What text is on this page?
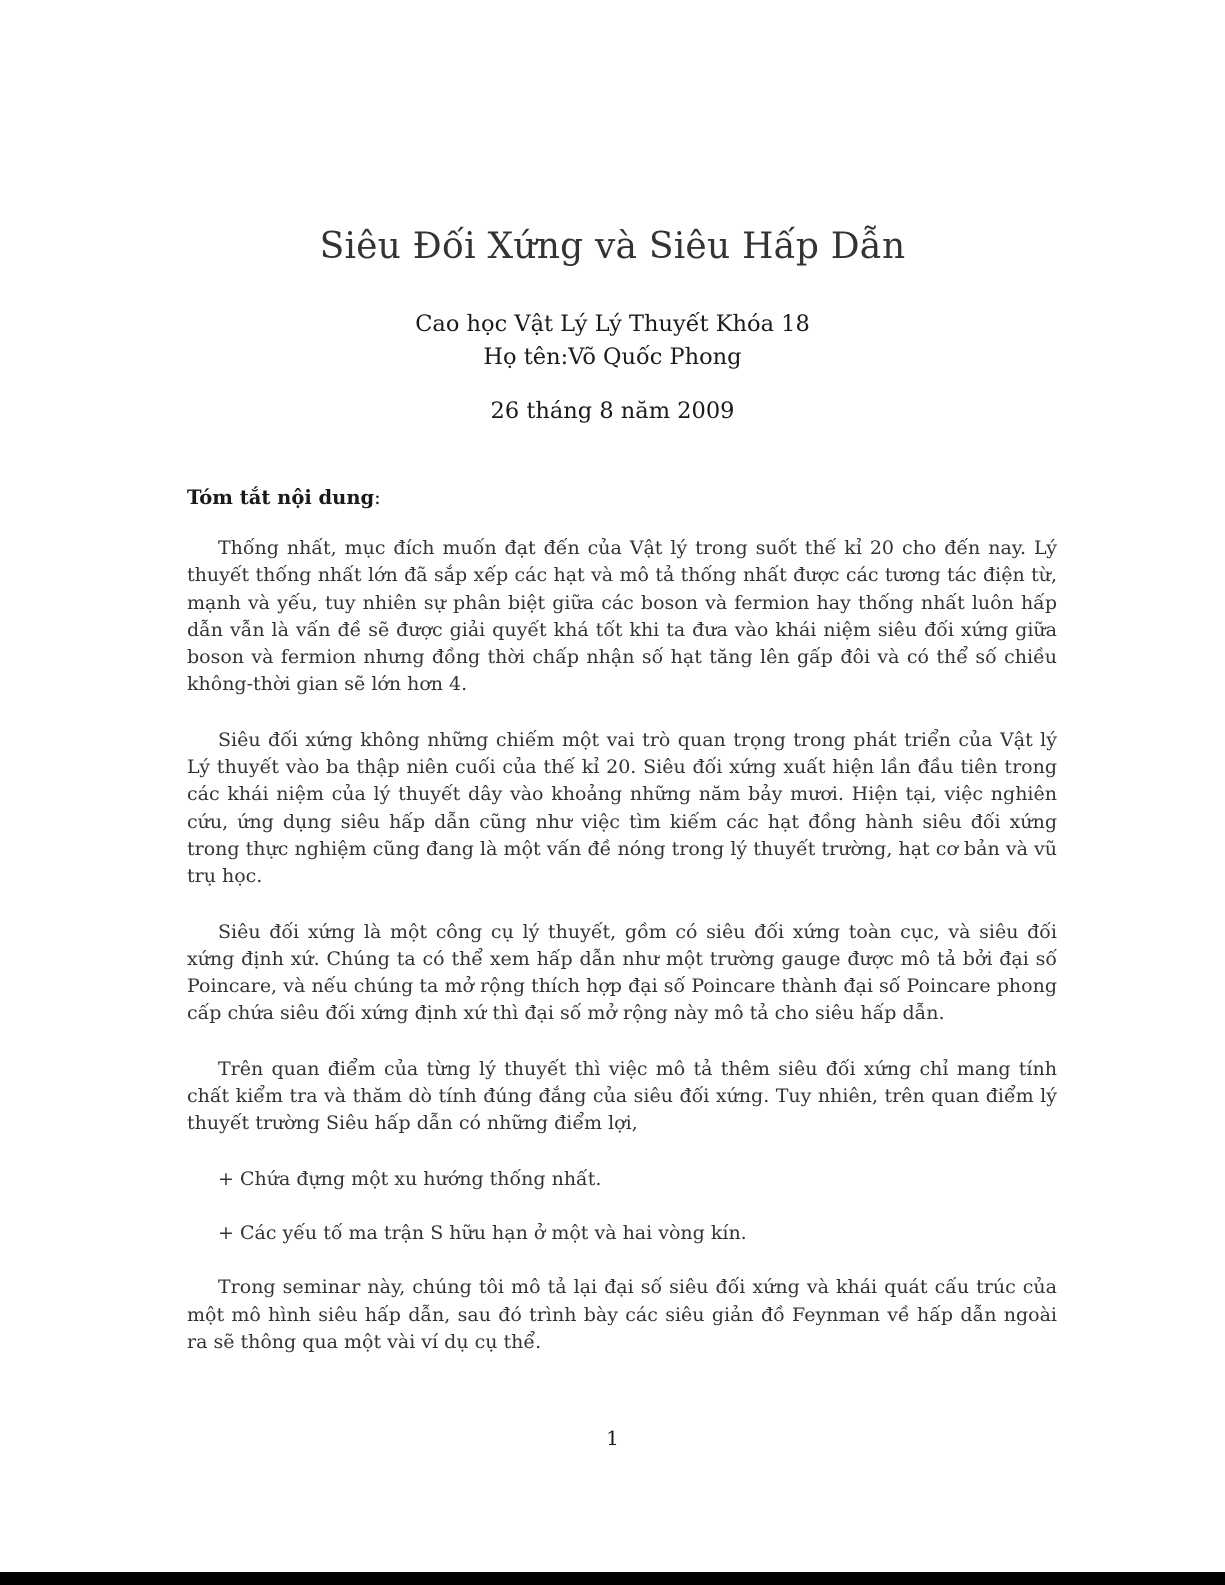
Siêu Đối Xứng và Siêu Hấp Dẫn
Cao học Vật Lý Lý Thuyết Khóa 18
Họ tên:Võ Quốc Phong
26 tháng 8 năm 2009
Tóm tắt nội dung:

Thống nhất, mục đích muốn đạt đến của Vật lý trong suốt thế kỉ 20 cho đến nay. Lý thuyết thống nhất lớn đã sắp xếp các hạt và mô tả thống nhất được các tương tác điện từ, mạnh và yếu, tuy nhiên sự phân biệt giữa các boson và fermion hay thống nhất luôn hấp dẫn vẫn là vấn đề sẽ được giải quyết khá tốt khi ta đưa vào khái niệm siêu đối xứng giữa boson và fermion nhưng đồng thời chấp nhận số hạt tăng lên gấp đôi và có thể số chiều không-thời gian sẽ lớn hơn 4.

Siêu đối xứng không những chiếm một vai trò quan trọng trong phát triển của Vật lý Lý thuyết vào ba thập niên cuối của thế kỉ 20. Siêu đối xứng xuất hiện lần đầu tiên trong các khái niệm của lý thuyết dây vào khoảng những năm bảy mươi. Hiện tại, việc nghiên cứu, ứng dụng siêu hấp dẫn cũng như việc tìm kiếm các hạt đồng hành siêu đối xứng trong thực nghiệm cũng đang là một vấn đề nóng trong lý thuyết trường, hạt cơ bản và vũ trụ học.

Siêu đối xứng là một công cụ lý thuyết, gồm có siêu đối xứng toàn cục, và siêu đối xứng định xứ. Chúng ta có thể xem hấp dẫn như một trường gauge được mô tả bởi đại số Poincare, và nếu chúng ta mở rộng thích hợp đại số Poincare thành đại số Poincare phong cấp chứa siêu đối xứng định xứ thì đại số mở rộng này mô tả cho siêu hấp dẫn.

Trên quan điểm của từng lý thuyết thì việc mô tả thêm siêu đối xứng chỉ mang tính chất kiểm tra và thăm dò tính đúng đắng của siêu đối xứng. Tuy nhiên, trên quan điểm lý thuyết trường Siêu hấp dẫn có những điểm lợi,

+ Chứa đựng một xu hướng thống nhất.

+ Các yếu tố ma trận S hữu hạn ở một và hai vòng kín.

Trong seminar này, chúng tôi mô tả lại đại số siêu đối xứng và khái quát cấu trúc của một mô hình siêu hấp dẫn, sau đó trình bày các siêu giản đồ Feynman về hấp dẫn ngoài ra sẽ thông qua một vài ví dụ cụ thể.

1
